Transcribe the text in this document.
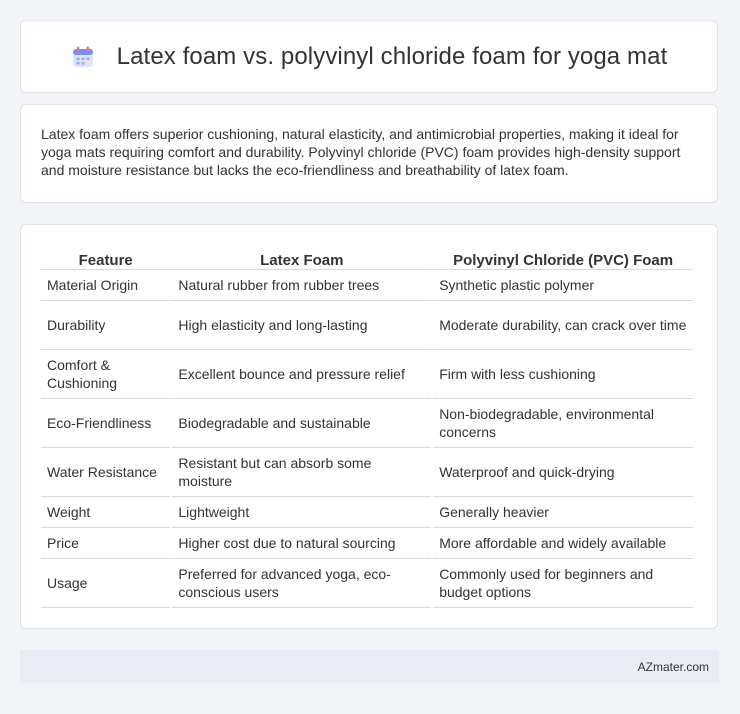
Latex foam vs. polyvinyl chloride foam for yoga mat

Latex foam offers superior cushioning, natural elasticity, and antimicrobial properties, making it ideal for yoga mats requiring comfort and durability. Polyvinyl chloride (PVC) foam provides high-density support and moisture resistance but lacks the eco-friendliness and breathability of latex foam.

Feature	Latex Foam	Polyvinyl Chloride (PVC) Foam
Material Origin	Natural rubber from rubber trees	Synthetic plastic polymer
Durability	High elasticity and long-lasting	Moderate durability, can crack over time
Comfort & Cushioning	Excellent bounce and pressure relief	Firm with less cushioning
Eco-Friendliness	Biodegradable and sustainable	Non-biodegradable, environmental concerns
Water Resistance	Resistant but can absorb some moisture	Waterproof and quick-drying
Weight	Lightweight	Generally heavier
Price	Higher cost due to natural sourcing	More affordable and widely available
Usage	Preferred for advanced yoga, eco-conscious users	Commonly used for beginners and budget options
AZmater.com
